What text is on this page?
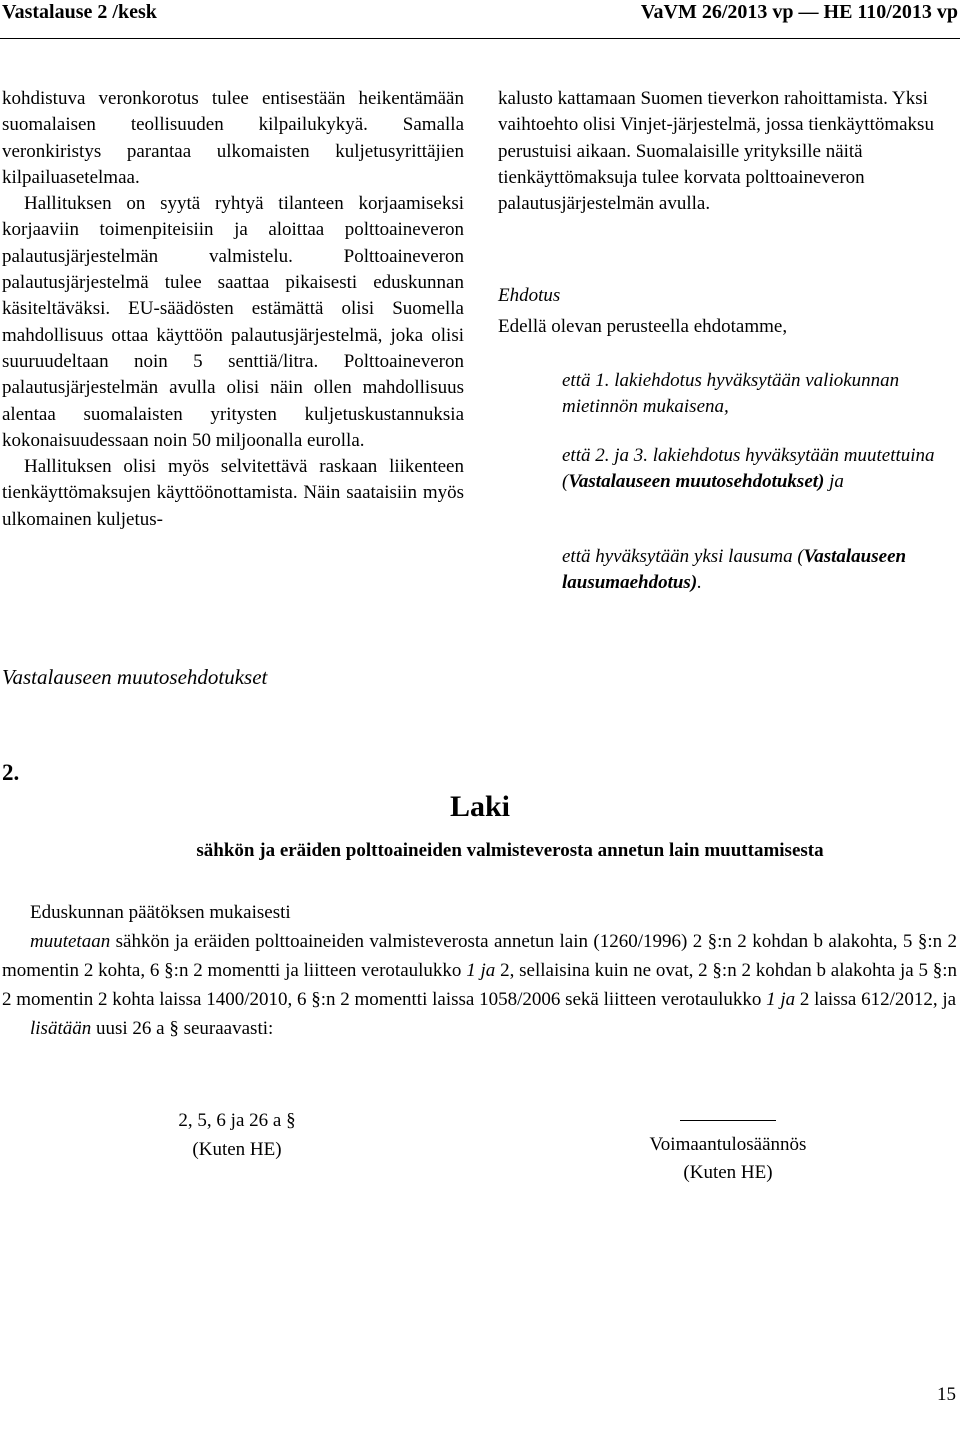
Vastalause 2 /kesk	VaVM 26/2013 vp — HE 110/2013 vp

kohdistuva veronkorotus tulee entisestään heikentämään suomalaisen teollisuuden kilpailukykyä. Samalla veronkiristys parantaa ulkomaisten kuljetusyrittäjien kilpailuasetelmaa.

Hallituksen on syytä ryhtyä tilanteen korjaamiseksi korjaaviin toimenpiteisiin ja aloittaa polttoaineveron palautusjärjestelmän valmistelu. Polttoaineveron palautusjärjestelmä tulee saattaa pikaisesti eduskunnan käsiteltäväksi. EU-säädösten estämättä olisi Suomella mahdollisuus ottaa käyttöön palautusjärjestelmä, joka olisi suuruudeltaan noin 5 senttiä/litra. Polttoaineveron palautusjärjestelmän avulla olisi näin ollen mahdollisuus alentaa suomalaisten yritysten kuljetuskustannuksia kokonaisuudessaan noin 50 miljoonalla eurolla.

Hallituksen olisi myös selvitettävä raskaan liikenteen tienkäyttömaksujen käyttöönottamista. Näin saataisiin myös ulkomainen kuljetus-

kalusto kattamaan Suomen tieverkon rahoittamista. Yksi vaihtoehto olisi Vinjet-järjestelmä, jossa tienkäyttömaksu perustuisi aikaan. Suomalaisille yrityksille näitä tienkäyttömaksuja tulee korvata polttoaineveron palautusjärjestelmän avulla.

Ehdotus
Edellä olevan perusteella ehdotamme,
että 1. lakiehdotus hyväksytään valiokunnan mietinnön mukaisena,
että 2. ja 3. lakiehdotus hyväksytään muutettuina (Vastalauseen muutosehdotukset) ja
että hyväksytään yksi lausuma (Vastalauseen lausumaehdotus).
Vastalauseen muutosehdotukset
2.
Laki
sähkön ja eräiden polttoaineiden valmisteverosta annetun lain muuttamisesta

Eduskunnan päätöksen mukaisesti

muutetaan sähkön ja eräiden polttoaineiden valmisteverosta annetun lain (1260/1996) 2 §:n 2 kohdan b alakohta, 5 §:n 2 momentin 2 kohta, 6 §:n 2 momentti ja liitteen verotaulukko 1 ja 2, sellaisina kuin ne ovat, 2 §:n 2 kohdan b alakohta ja 5 §:n 2 momentin 2 kohta laissa 1400/2010, 6 §:n 2 momentti laissa 1058/2006 sekä liitteen verotaulukko 1 ja 2 laissa 612/2012, ja

lisätään uusi 26 a § seuraavasti:

2, 5, 6 ja 26 a §
(Kuten HE)	Voimaantulosäännös
(Kuten HE)
15
